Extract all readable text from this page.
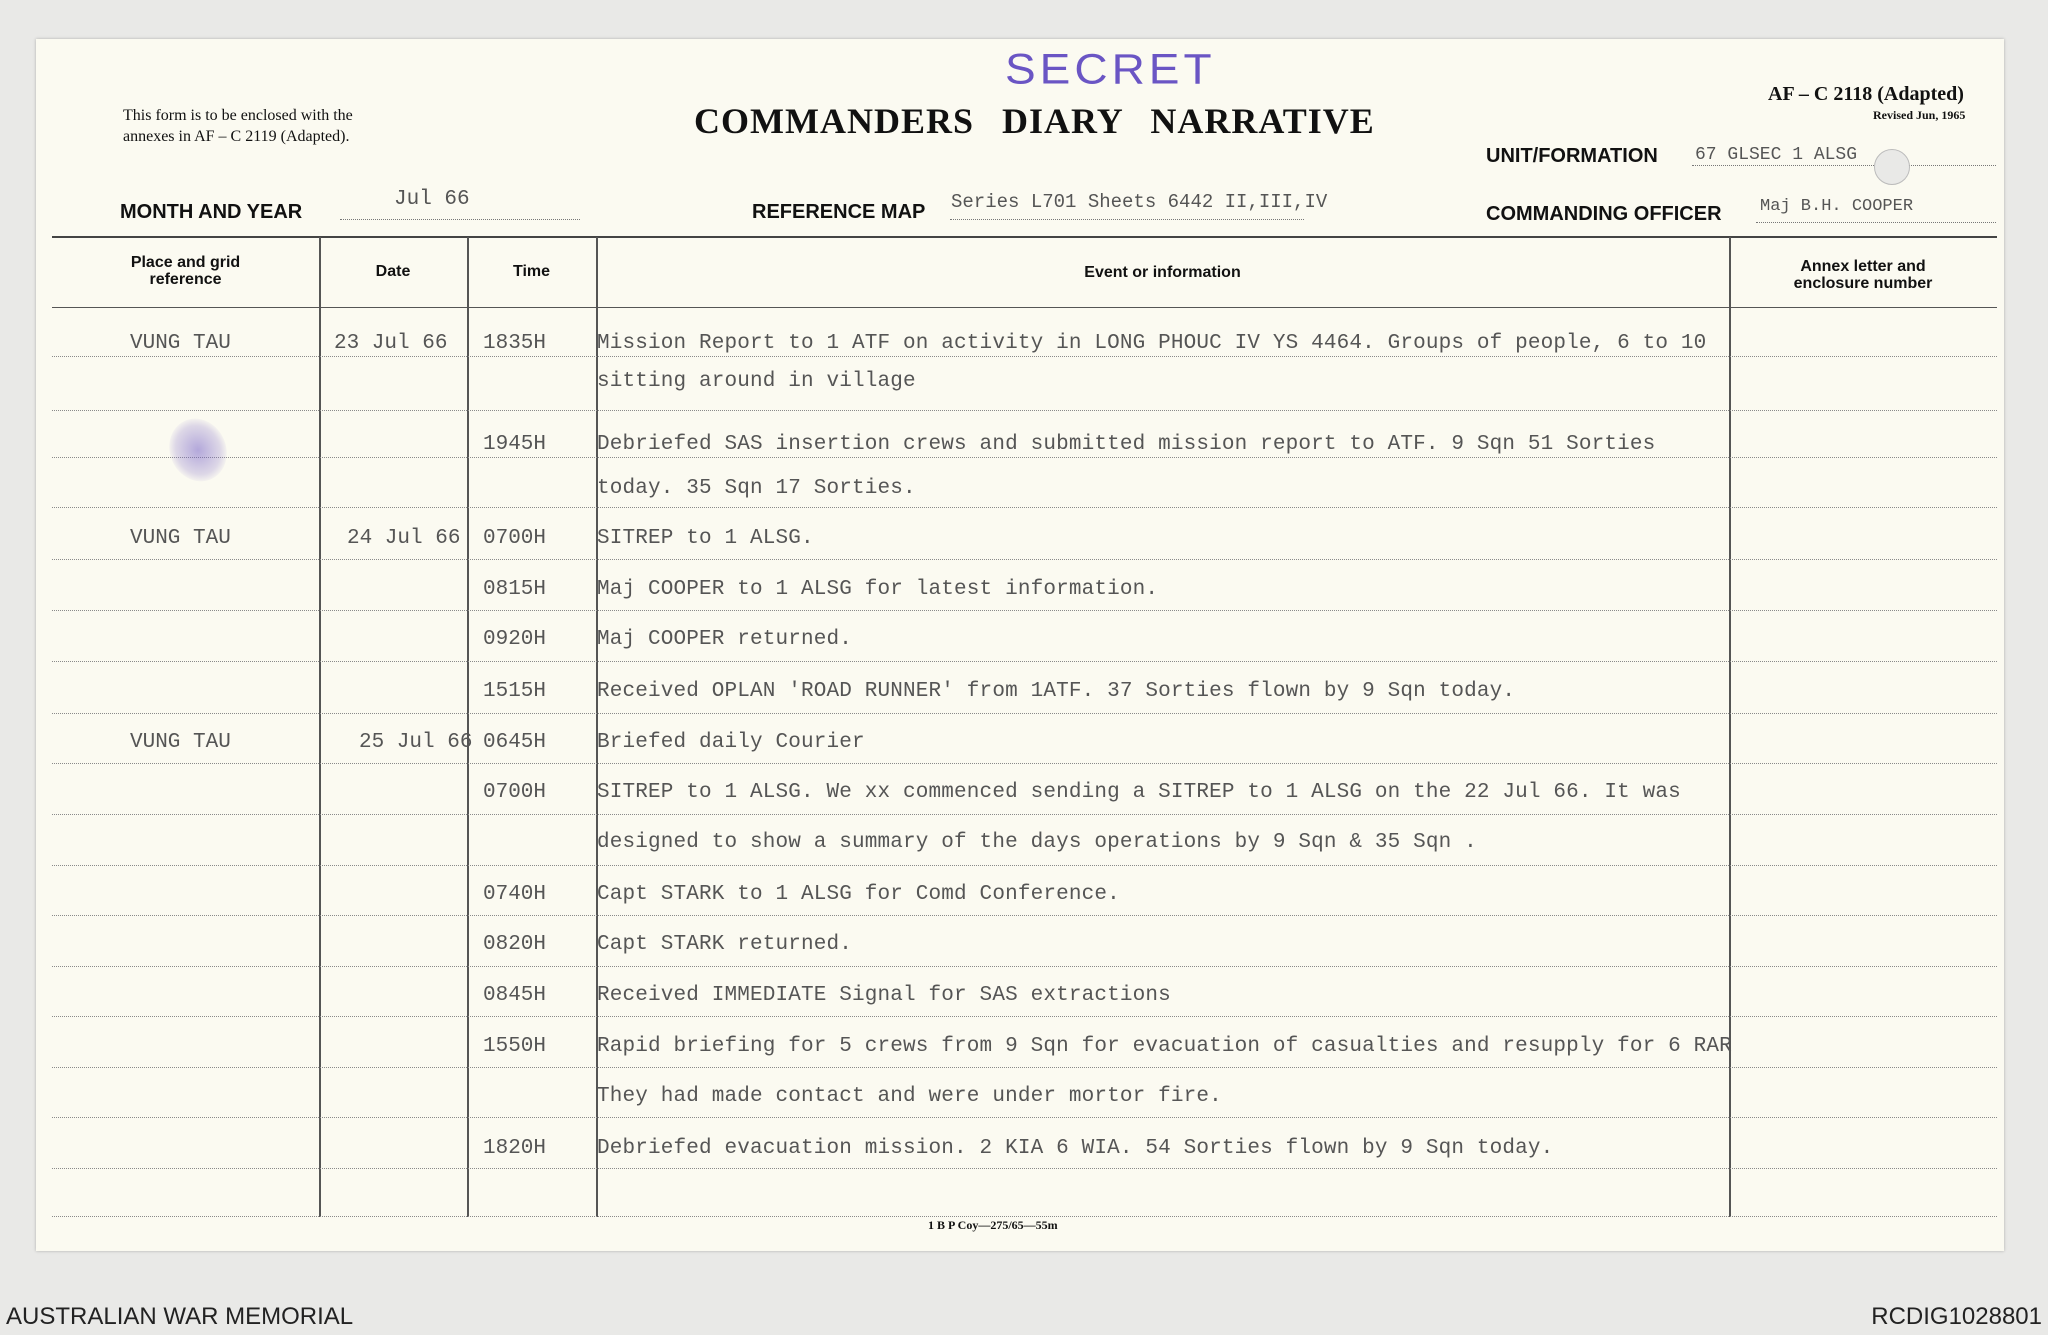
SECRET
This form is to be enclosed with the
annexes in AF – C 2119 (Adapted).	COMMANDERS DIARY NARRATIVE
AF – C 2118 (Adapted)
Revised Jun, 1965
MONTH AND YEAR
Jul 66
REFERENCE MAP Series L701 Sheets 6442 II,III,IV
UNIT/FORMATION 67 GLSEC 1 ALSG
COMMANDING OFFICER Maj B.H. COOPER
Place and grid
reference	Date	Time	Event or information	Annex letter and
enclosure number
VUNG TAU	23 Jul 66 1835H Mission Report to 1 ATF on activity in LONG PHOUC IV YS 4464. Groups of people, 6 to 10
sitting around in village
1945H Debriefed SAS insertion crews and submitted mission report to ATF. 9 Sqn 51 Sorties
today. 35 Sqn 17 Sorties.
VUNG TAU	24 Jul 66 0700H SITREP to 1 ALSG.
0815H Maj COOPER to 1 ALSG for latest information.
0920H Maj COOPER returned.
1515H Received OPLAN 'ROAD RUNNER' from 1ATF. 37 Sorties flown by 9 Sqn today.
VUNG TAU	25 Jul 66 0645H Briefed daily Courier
0700H SITREP to 1 ALSG. We xx commenced sending a SITREP to 1 ALSG on the 22 Jul 66. It was
designed to show a summary of the days operations by 9 Sqn & 35 Sqn .
0740H Capt STARK to 1 ALSG for Comd Conference.
0820H Capt STARK returned.
0845H Received IMMEDIATE Signal for SAS extractions
1550H Rapid briefing for 5 crews from 9 Sqn for evacuation of casualties and resupply for 6 RAR
They had made contact and were under mortor fire.
1820H Debriefed evacuation mission. 2 KIA 6 WIA. 54 Sorties flown by 9 Sqn today.
1 B P Coy—275/65—55m
AUSTRALIAN WAR MEMORIAL	RCDIG1028801
